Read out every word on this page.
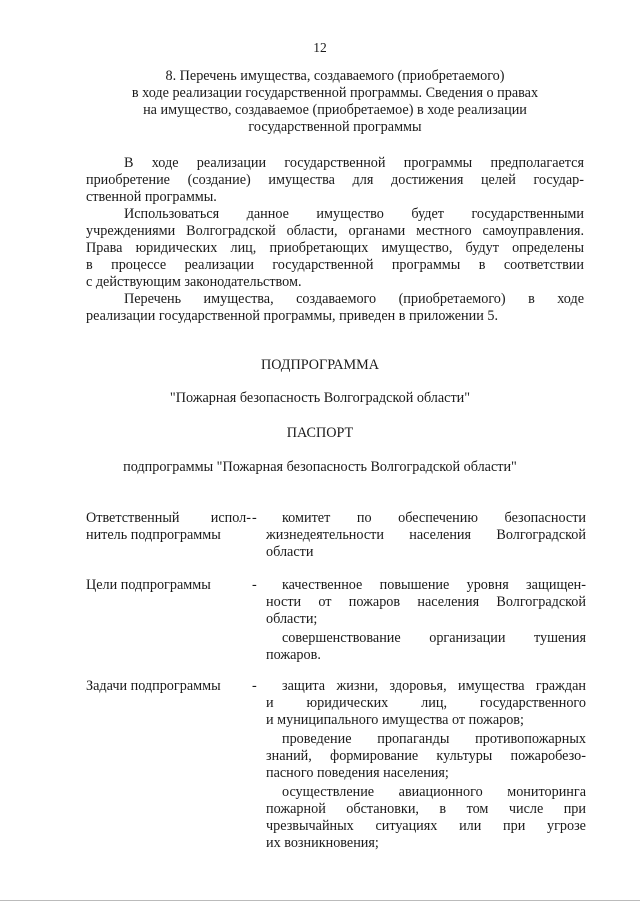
12
8. Перечень имущества, создаваемого (приобретаемого)
в ходе реализации государственной программы. Сведения о правах
на имущество, создаваемое (приобретаемое) в ходе реализации
государственной программы
В ходе реализации государственной программы предполагается
приобретение (создание) имущества для достижения целей государ-
ственной программы.
Использоваться данное имущество будет государственными
учреждениями Волгоградской области, органами местного самоуправления.
Права юридических лиц, приобретающих имущество, будут определены
в процессе реализации государственной программы в соответствии
с действующим законодательством.
Перечень имущества, создаваемого (приобретаемого) в ходе
реализации государственной программы, приведен в приложении 5.
ПОДПРОГРАММА
"Пожарная безопасность Волгоградской области"
ПАСПОРТ
подпрограммы "Пожарная безопасность Волгоградской области"
Ответственный испол-
нитель подпрограммы
-	комитет по обеспечению безопасности
жизнедеятельности населения Волгоградской
области
Цели подпрограммы	-	качественное повышение уровня защищен-
ности от пожаров населения Волгоградской
области;
совершенствование организации тушения
пожаров.
Задачи подпрограммы	-	защита жизни, здоровья, имущества граждан
и юридических лиц, государственного
и муниципального имущества от пожаров;
проведение пропаганды противопожарных
знаний, формирование культуры пожаробезо-
пасного поведения населения;
осуществление авиационного мониторинга
пожарной обстановки, в том числе при
чрезвычайных ситуациях или при угрозе
их возникновения;
